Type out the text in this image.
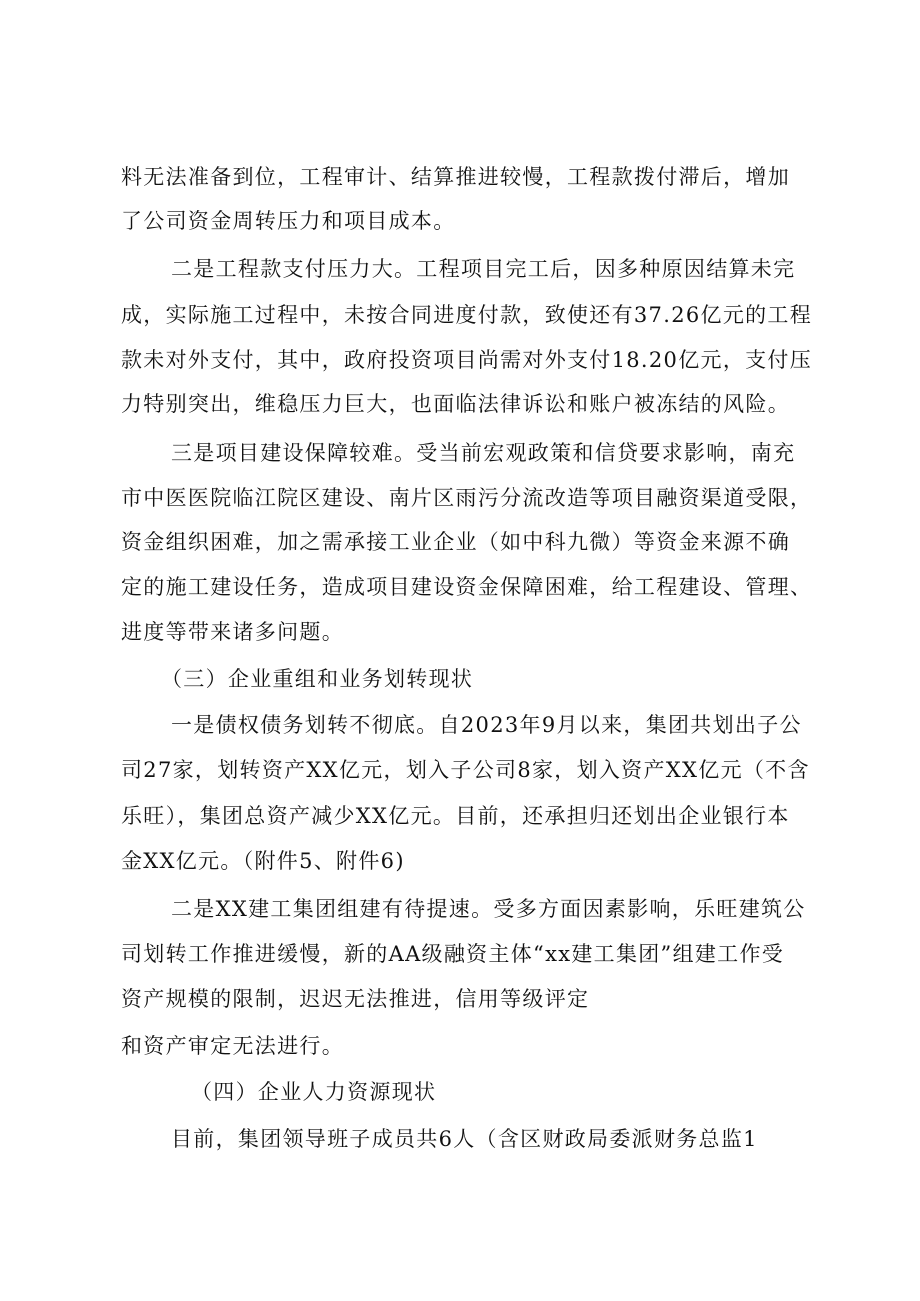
料无法准备到位，工程审计、结算推进较慢，工程款拨付滞后，增加
了公司资金周转压力和项目成本。
二是工程款支付压力大。工程项目完工后，因多种原因结算未完
成，实际施工过程中，未按合同进度付款，致使还有37.26亿元的工程
款未对外支付，其中，政府投资项目尚需对外支付18.20亿元，支付压
力特别突出，维稳压力巨大，也面临法律诉讼和账户被冻结的风险。
三是项目建设保障较难。受当前宏观政策和信贷要求影响，南充
市中医医院临江院区建设、南片区雨污分流改造等项目融资渠道受限，
资金组织困难，加之需承接工业企业（如中科九微）等资金来源不确
定的施工建设任务，造成项目建设资金保障困难，给工程建设、管理、
进度等带来诸多问题。
（三）企业重组和业务划转现状
一是债权债务划转不彻底。自2023年9月以来，集团共划出子公
司27家，划转资产XX亿元，划入子公司8家，划入资产XX亿元（不含
乐旺），集团总资产减少XX亿元。目前，还承担归还划出企业银行本
金XX亿元。（附件5、附件6)
二是XX建工集团组建有待提速。受多方面因素影响，乐旺建筑公
司划转工作推进缓慢，新的AA级融资主体“xx建工集团”组建工作受
资产规模的限制，迟迟无法推进，信用等级评定
和资产审定无法进行。
（四）企业人力资源现状
目前，集团领导班子成员共6人（含区财政局委派财务总监1
